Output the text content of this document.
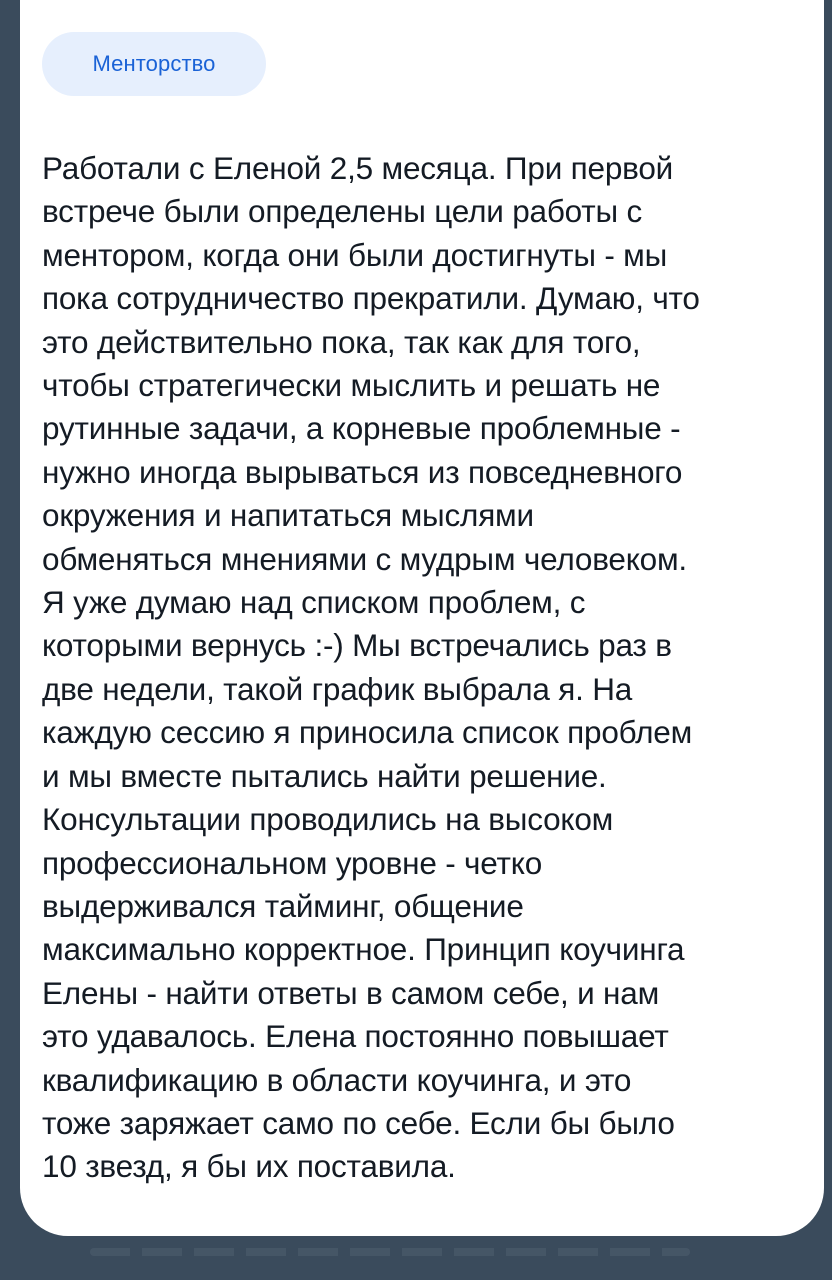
Менторство

Работали с Еленой 2,5 месяца. При первой
встрече были определены цели работы с
ментором, когда они были достигнуты - мы
пока сотрудничество прекратили. Думаю, что
это действительно пока, так как для того,
чтобы стратегически мыслить и решать не
рутинные задачи, а корневые проблемные -
нужно иногда вырываться из повседневного
окружения и напитаться мыслями
обменяться мнениями с мудрым человеком.
Я уже думаю над списком проблем, с
которыми вернусь :-) Мы встречались раз в
две недели, такой график выбрала я. На
каждую сессию я приносила список проблем
и мы вместе пытались найти решение.
Консультации проводились на высоком
профессиональном уровне - четко
выдерживался тайминг, общение
максимально корректное. Принцип коучинга
Елены - найти ответы в самом себе, и нам
это удавалось. Елена постоянно повышает
квалификацию в области коучинга, и это
тоже заряжает само по себе. Если бы было
10 звезд, я бы их поставила.
